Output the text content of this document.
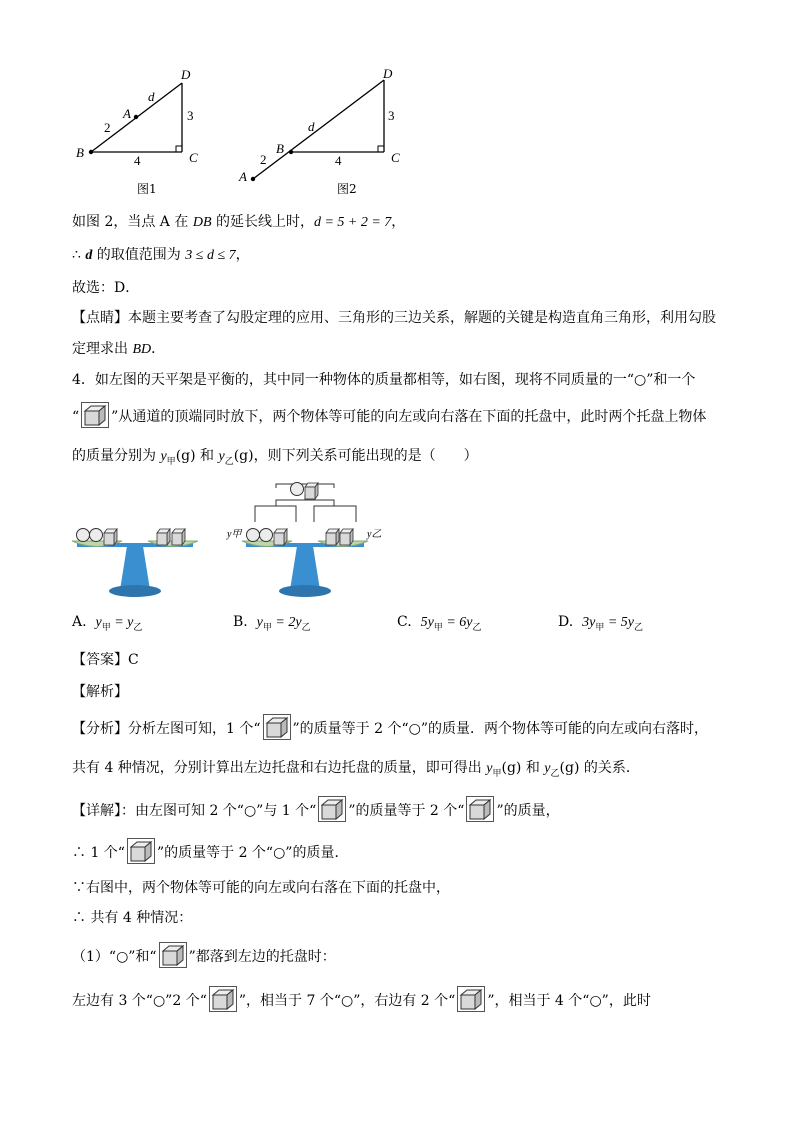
D
A
d
2
B
4	C
3
图1
D
d
B
2
A
4	C
3
图2
如图 2，当点 A 在 DB 的延长线上时，d = 5 + 2 = 7，
∴ d 的取值范围为 3 ≤ d ≤ 7，
故选：D．
【点睛】本题主要考查了勾股定理的应用、三角形的三边关系，解题的关键是构造直角三角形，利用勾股
定理求出 BD．
4．如左图的天平架是平衡的，其中同一种物体的质量都相等，如右图，现将不同质量的一“○”和一个
“ ”从通道的顶端同时放下，两个物体等可能的向左或向右落在下面的托盘中，此时两个托盘上物体
的质量分别为 $y_甲(g)$ 和 $y_乙(g)$，则下列关系可能出现的是（　　）
y甲	y乙
A. $y_甲 = y_乙$	B. $y_甲 = 2y_乙$	C. $5y_甲 = 6y_乙$	D. $3y_甲 = 5y_乙$
【答案】C
【解析】
【分析】分析左图可知，1 个“ ”的质量等于 2 个“○”的质量．两个物体等可能的向左或向右落时，
共有 4 种情况，分别计算出左边托盘和右边托盘的质量，即可得出 $y_甲(g)$ 和 $y_乙(g)$ 的关系．
【详解】：由左图可知 2 个“○”与 1 个“ ”的质量等于 2 个“ ”的质量，
∴ 1 个“ ”的质量等于 2 个“○”的质量．
∵右图中，两个物体等可能的向左或向右落在下面的托盘中，
∴ 共有 4 种情况：
（1）“○”和“ ”都落到左边的托盘时：
左边有 3 个“○”2 个“ ”，相当于 7 个“○”，右边有 2 个“ ”，相当于 4 个“○”，此时
